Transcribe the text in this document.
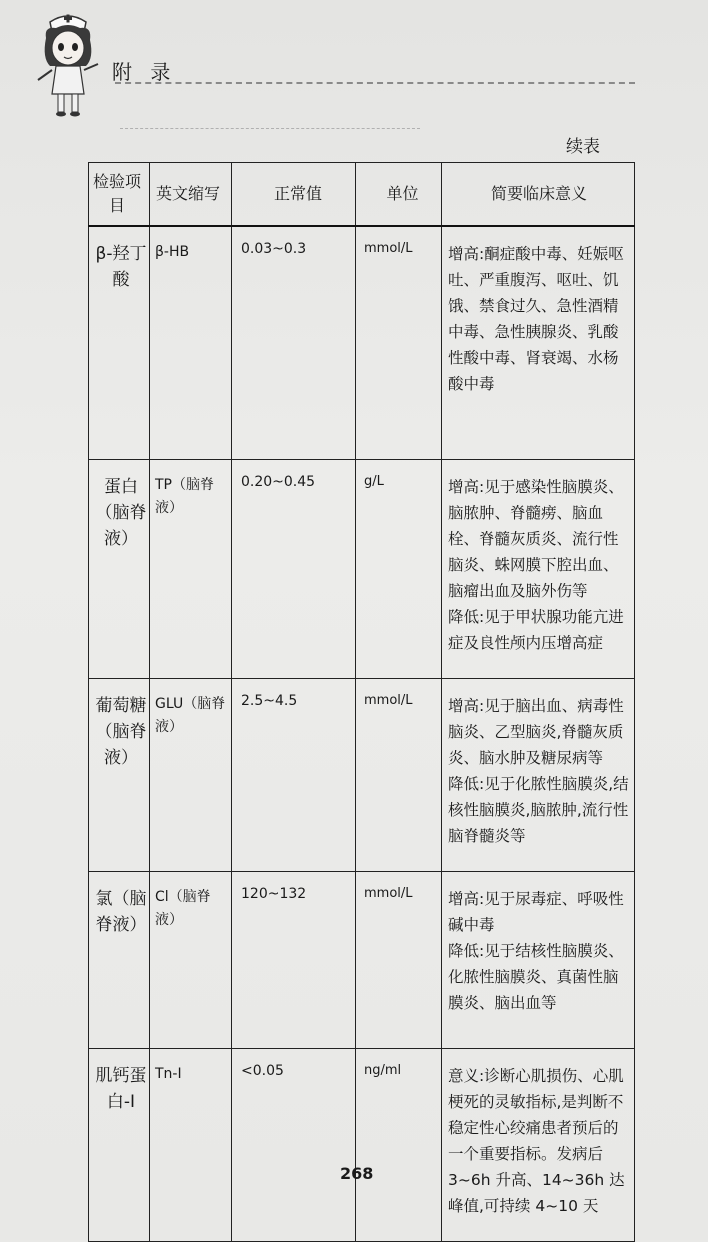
附 录
续表
检验项目	英文缩写	正常值	单位	简要临床意义
β-羟丁酸	β-HB	0.03~0.3	mmol/L	增高:酮症酸中毒、妊娠呕吐、严重腹泻、呕吐、饥饿、禁食过久、急性酒精中毒、急性胰腺炎、乳酸性酸中毒、肾衰竭、水杨酸中毒

蛋白（脑脊液）	TP（脑脊液）	0.20~0.45	g/L	增高:见于感染性脑膜炎、脑脓肿、脊髓痨、脑血栓、脊髓灰质炎、流行性脑炎、蛛网膜下腔出血、脑瘤出血及脑外伤等
降低:见于甲状腺功能亢进症及良性颅内压增高症

葡萄糖（脑脊液）	GLU（脑脊液）	2.5~4.5	mmol/L	增高:见于脑出血、病毒性脑炎、乙型脑炎,脊髓灰质炎、脑水肿及糖尿病等
降低:见于化脓性脑膜炎,结核性脑膜炎,脑脓肿,流行性脑脊髓炎等

氯（脑脊液）	Cl（脑脊液）	120~132	mmol/L	增高:见于尿毒症、呼吸性碱中毒
降低:见于结核性脑膜炎、化脓性脑膜炎、真菌性脑膜炎、脑出血等

肌钙蛋白-I	Tn-I	<0.05	ng/ml	意义:诊断心肌损伤、心肌梗死的灵敏指标,是判断不稳定性心绞痛患者预后的一个重要指标。发病后 3~6h 升高、14~36h 达峰值,可持续 4~10 天
268
